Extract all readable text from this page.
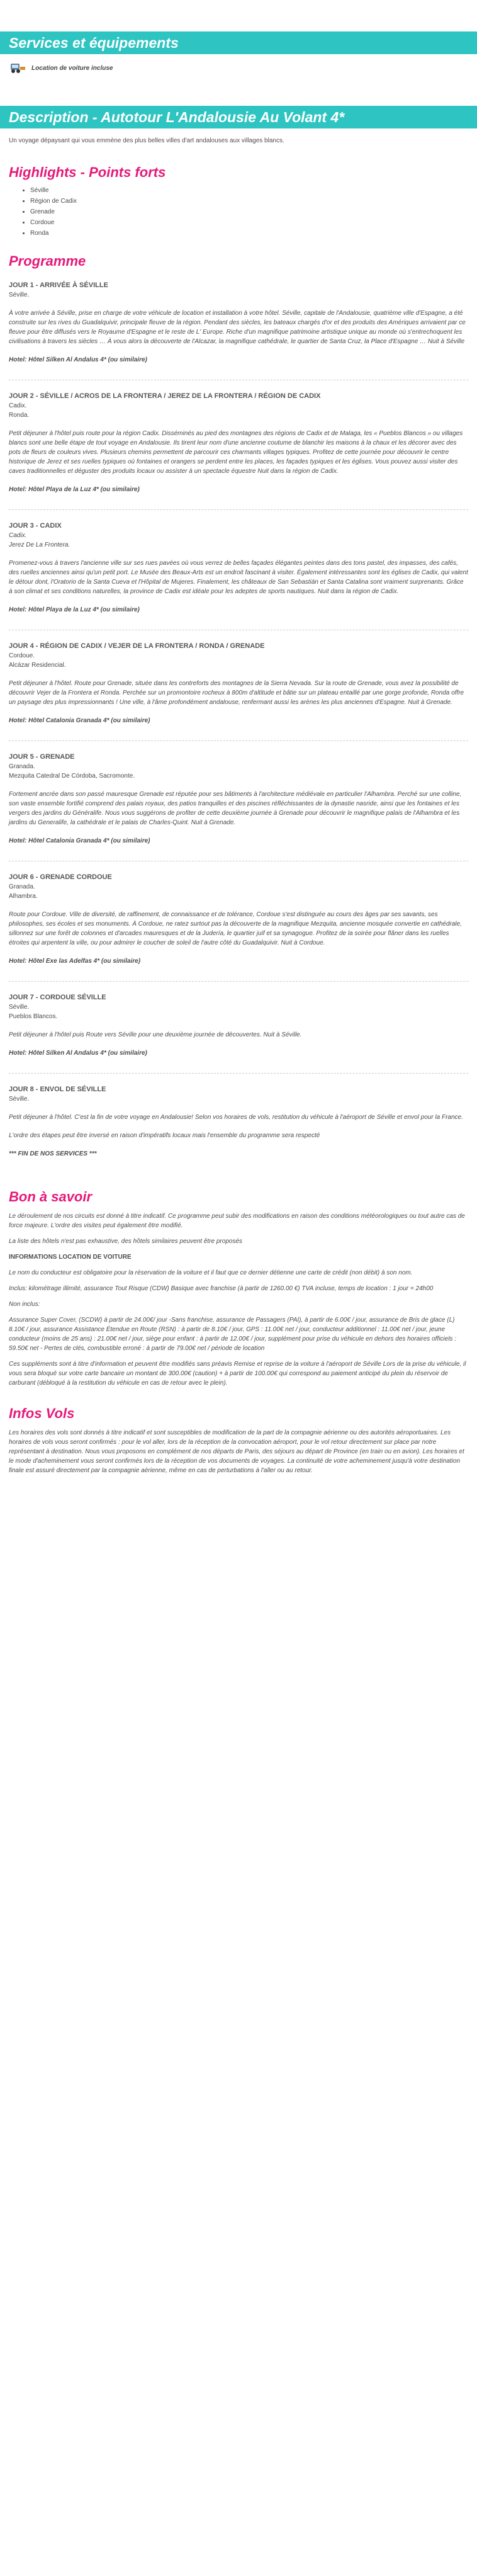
Services et équipements
Location de voiture incluse
Description - Autotour L'Andalousie Au Volant 4*

Un voyage dépaysant qui vous emmène des plus belles villes d'art andalouses aux villages blancs.

Highlights - Points forts
• Séville
• Région de Cadix
• Grenade
• Cordoue
• Ronda
Programme
JOUR 1 - ARRIVÉE À SÉVILLE

Séville.

À votre arrivée à Séville, prise en charge de votre véhicule de location et installation à votre hôtel. Séville, capitale de l'Andalousie, quatrième ville d'Espagne, a été construite sur les rives du Guadalquivir, principale fleuve de la région. Pendant des siècles, les bateaux chargés d'or et des produits des Amériques arrivaient par ce fleuve pour être diffusés vers le Royaume d'Espagne et le reste de L' Europe. Riche d'un magnifique patrimoine artistique unique au monde où s'entrechoquent les civilisations à travers les siècles … À vous alors la découverte de l'Alcazar, la magnifique cathédrale, le quartier de Santa Cruz, la Place d'Espagne … Nuit à Séville

Hotel: Hôtel Silken Al Andalus 4* (ou similaire)

JOUR 2 - SÉVILLE / ACROS DE LA FRONTERA / JEREZ DE LA FRONTERA / RÉGION DE CADIX

Cadix.

Ronda.

Petit déjeuner à l'hôtel puis route pour la région Cadix. Disséminés au pied des montagnes des régions de Cadix et de Malaga, les « Pueblos Blancos » ou villages blancs sont une belle étape de tout voyage en Andalousie. Ils tirent leur nom d'une ancienne coutume de blanchir les maisons à la chaux et les décorer avec des pots de fleurs de couleurs vives. Plusieurs chemins permettent de parcourir ces charmants villages typiques. Profitez de cette journée pour découvrir le centre historique de Jerez et ses ruelles typiques où fontaines et orangers se perdent entre les places, les façades typiques et les églises. Vous pouvez aussi visiter des caves traditionnelles et déguster des produits locaux ou assister à un spectacle équestre Nuit dans la région de Cadix.

Hotel: Hôtel Playa de la Luz 4* (ou similaire)

JOUR 3 - CADIX

Cadix.

Jerez De La Frontera.

Promenez-vous à travers l'ancienne ville sur ses rues pavées où vous verrez de belles façades élégantes peintes dans des tons pastel, des impasses, des cafés, des ruelles anciennes ainsi qu'un petit port. Le Musée des Beaux-Arts est un endroit fascinant à visiter. Également intéressantes sont les églises de Cadix, qui valent le détour dont, l'Oratorio de la Santa Cueva et l'Hôpital de Mujeres. Finalement, les châteaux de San Sebastián et Santa Catalina sont vraiment surprenants. Grâce à son climat et ses conditions naturelles, la province de Cadix est idéale pour les adeptes de sports nautiques. Nuit dans la région de Cadix.

Hotel: Hôtel Playa de la Luz 4* (ou similaire)

JOUR 4 - RÉGION DE CADIX / VEJER DE LA FRONTERA / RONDA / GRENADE

Cordoue.

Alcázar Residencial.

Petit déjeuner à l'hôtel. Route pour Grenade, située dans les contreforts des montagnes de la Sierra Nevada. Sur la route de Grenade, vous avez la possibilité de découvrir Vejer de la Frontera et Ronda. Perchée sur un promontoire rocheux à 800m d'altitude et bâtie sur un plateau entaillé par une gorge profonde, Ronda offre un paysage des plus impressionnants ! Une ville, à l'âme profondément andalouse, renfermant aussi les arènes les plus anciennes d'Espagne. Nuit à Grenade.

Hotel: Hôtel Catalonia Granada 4* (ou similaire)

JOUR 5 - GRENADE

Granada.

Mezquita Catedral De Córdoba, Sacromonte.

Fortement ancrée dans son passé mauresque Grenade est réputée pour ses bâtiments à l'architecture médiévale en particulier l'Alhambra. Perché sur une colline, son vaste ensemble fortifié comprend des palais royaux, des patios tranquilles et des piscines réfléchissantes de la dynastie nasride, ainsi que les fontaines et les vergers des jardins du Généralife. Nous vous suggérons de profiter de cette deuxième journée à Grenade pour découvrir le magnifique palais de l'Alhambra et les jardins du Generalife, la cathédrale et le palais de Charles-Quint. Nuit à Grenade.

Hotel: Hôtel Catalonia Granada 4* (ou similaire)

JOUR 6 - GRENADE CORDOUE

Granada.

Alhambra.

Route pour Cordoue. Ville de diversité, de raffinement, de connaissance et de tolérance, Cordoue s'est distinguée au cours des âges par ses savants, ses philosophes, ses écoles et ses monuments. À Cordoue, ne ratez surtout pas la découverte de la magnifique Mezquita, ancienne mosquée convertie en cathédrale, sillonnez sur une forêt de colonnes et d'arcades mauresques et de la Judería, le quartier juif et sa synagogue. Profitez de la soirée pour flâner dans les ruelles étroites qui arpentent la ville, ou pour admirer le coucher de soleil de l'autre côté du Guadalquivir. Nuit à Cordoue.

Hotel: Hôtel Exe las Adelfas 4* (ou similaire)

JOUR 7 - CORDOUE SÉVILLE

Séville.

Pueblos Blancos.

Petit déjeuner à l'hôtel puis Route vers Séville pour une deuxième journée de découvertes. Nuit à Séville.

Hotel: Hôtel Silken Al Andalus 4* (ou similaire)

JOUR 8 - ENVOL DE SÉVILLE

Séville.

Petit déjeuner à l'hôtel. C'est la fin de votre voyage en Andalousie! Selon vos horaires de vols, restitution du véhicule à l'aéroport de Séville et envol pour la France.

L'ordre des étapes peut être inversé en raison d'impératifs locaux mais l'ensemble du programme sera respecté

*** FIN DE NOS SERVICES ***

Bon à savoir

Le déroulement de nos circuits est donné à titre indicatif. Ce programme peut subir des modifications en raison des conditions météorologiques ou tout autre cas de force majeure. L'ordre des visites peut également être modifié.

La liste des hôtels n'est pas exhaustive, des hôtels similaires peuvent être proposés

INFORMATIONS LOCATION DE VOITURE

Le nom du conducteur est obligatoire pour la réservation de la voiture et il faut que ce dernier détienne une carte de crédit (non débit) à son nom.

Inclus: kilométrage illimité, assurance Tout Risque (CDW) Basique avec franchise (à partir de 1260.00 €) TVA incluse, temps de location : 1 jour = 24h00

Non inclus:

Assurance Super Cover, (SCDW) à partir de 24.00€/ jour -Sans franchise, assurance de Passagers (PAI), à partir de 6.00€ / jour, assurance de Bris de glace (L) 8.10€ / jour, assurance Assistance Étendue en Route (RSN) : à partir de 8.10€ / jour, GPS : 11.00€ net / jour, conducteur additionnel : 11.00€ net / jour, jeune conducteur (moins de 25 ans) : 21.00€ net / jour, siège pour enfant : à partir de 12.00€ / jour, supplément pour prise du véhicule en dehors des horaires officiels : 59.50€ net - Pertes de clés, combustible erroné : à partir de 79.00€ net / période de location

Ces suppléments sont à titre d'information et peuvent être modifiés sans préavis Remise et reprise de la voiture à l'aéroport de Séville Lors de la prise du véhicule, il vous sera bloqué sur votre carte bancaire un montant de 300.00€ (caution) + à partir de 100.00€ qui correspond au paiement anticipé du plein du réservoir de carburant (débloqué à la restitution du véhicule en cas de retour avec le plein).

Infos Vols

Les horaires des vols sont donnés à titre indicatif et sont susceptibles de modification de la part de la compagnie aérienne ou des autorités aéroportuaires. Les horaires de vols vous seront confirmés : pour le vol aller, lors de la réception de la convocation aéroport, pour le vol retour directement sur place par notre représentant à destination. Nous vous proposons en complément de nos départs de Paris, des séjours au départ de Province (en train ou en avion). Les horaires et le mode d'acheminement vous seront confirmés lors de la réception de vos documents de voyages. La continuité de votre acheminement jusqu'à votre destination finale est assuré directement par la compagnie aérienne, même en cas de perturbations à l'aller ou au retour.
